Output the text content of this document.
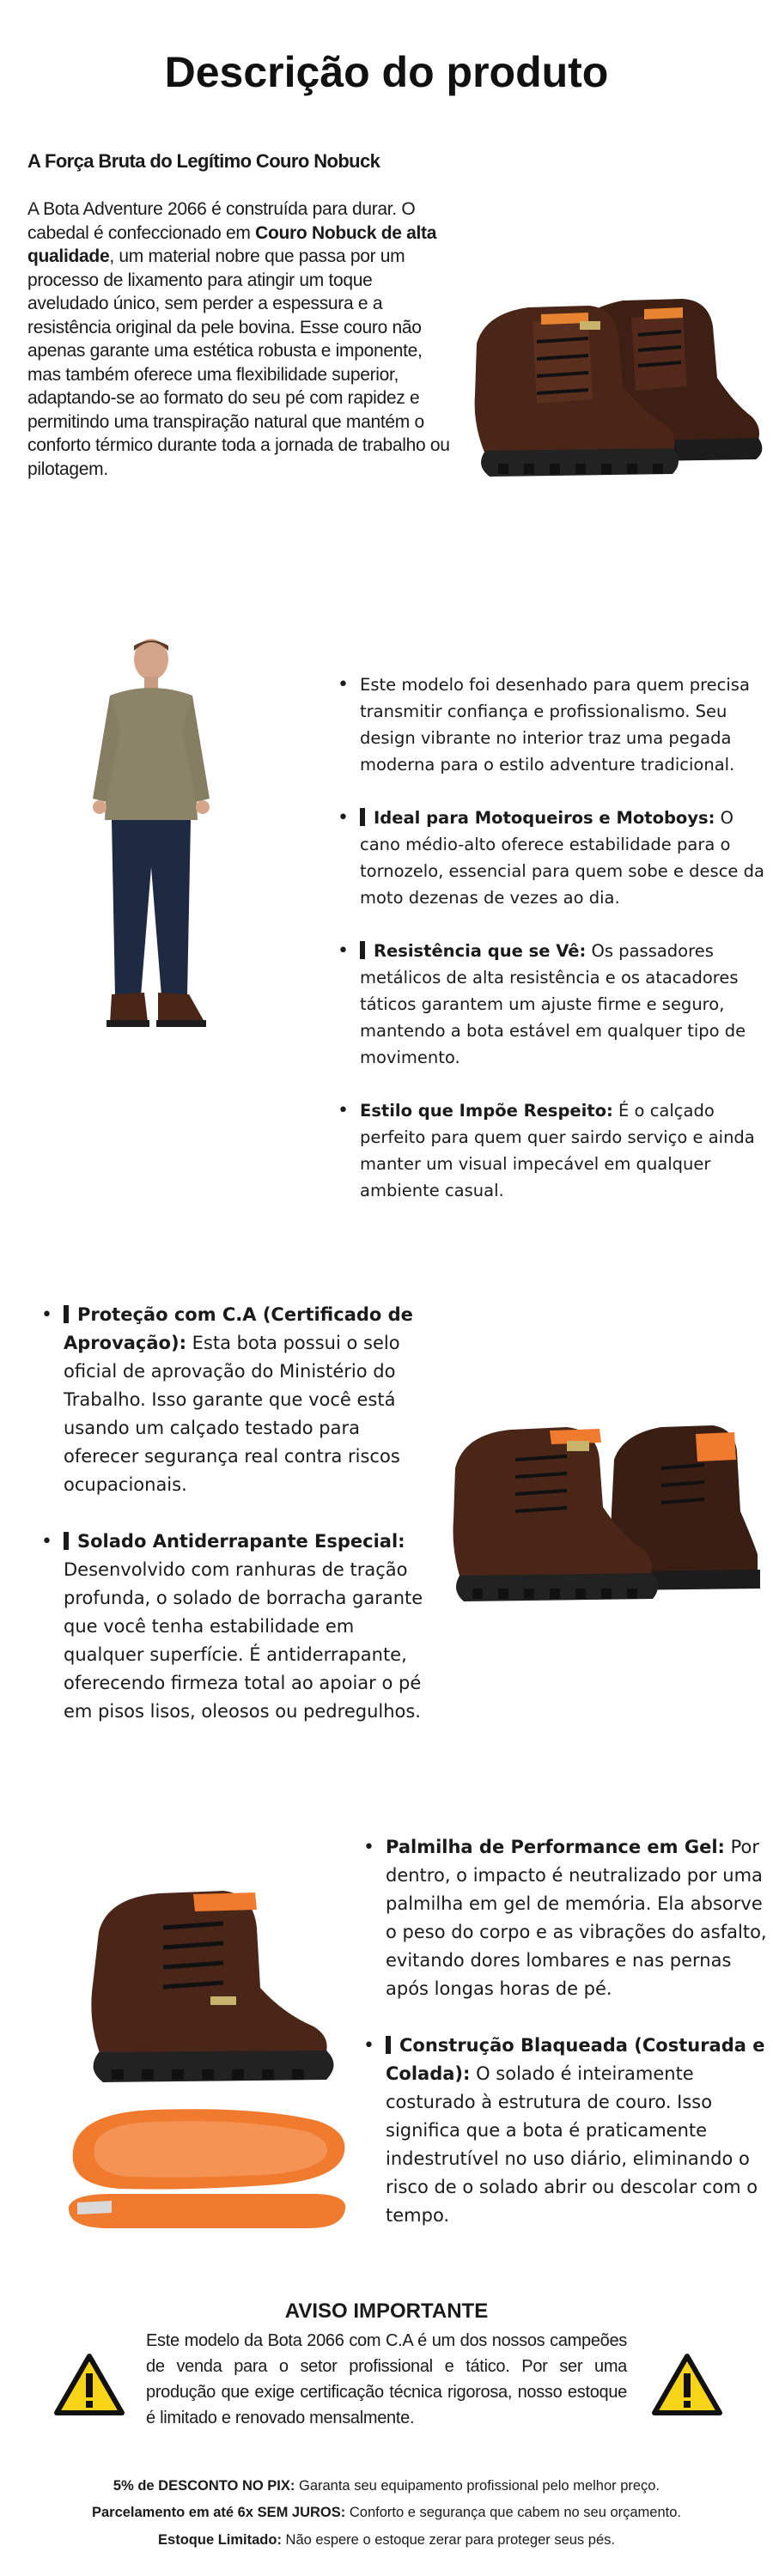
Descrição do produto
A Força Bruta do Legítimo Couro Nobuck
A Bota Adventure 2066 é construída para durar. O cabedal é confeccionado em Couro Nobuck de alta qualidade, um material nobre que passa por um processo de lixamento para atingir um toque aveludado único, sem perder a espessura e a resistência original da pele bovina. Esse couro não apenas garante uma estética robusta e imponente, mas também oferece uma flexibilidade superior, adaptando-se ao formato do seu pé com rapidez e permitindo uma transpiração natural que mantém o conforto térmico durante toda a jornada de trabalho ou pilotagem.
• Este modelo foi desenhado para quem precisa transmitir confiança e profissionalismo. Seu design vibrante no interior traz uma pegada moderna para o estilo adventure tradicional.
• Ideal para Motoqueiros e Motoboys: O cano médio-alto oferece estabilidade para o tornozelo, essencial para quem sobe e desce da moto dezenas de vezes ao dia.
• Resistência que se Vê: Os passadores metálicos de alta resistência e os atacadores táticos garantem um ajuste firme e seguro, mantendo a bota estável em qualquer tipo de movimento.
• Estilo que Impõe Respeito: É o calçado perfeito para quem quer sairdo serviço e ainda manter um visual impecável em qualquer ambiente casual.
• Proteção com C.A (Certificado de Aprovação): Esta bota possui o selo oficial de aprovação do Ministério do Trabalho. Isso garante que você está usando um calçado testado para oferecer segurança real contra riscos ocupacionais.
• Solado Antiderrapante Especial: Desenvolvido com ranhuras de tração profunda, o solado de borracha garante que você tenha estabilidade em qualquer superfície. É antiderrapante, oferecendo firmeza total ao apoiar o pé em pisos lisos, oleosos ou pedregulhos.
• Palmilha de Performance em Gel: Por dentro, o impacto é neutralizado por uma palmilha em gel de memória. Ela absorve o peso do corpo e as vibrações do asfalto, evitando dores lombares e nas pernas após longas horas de pé.
• Construção Blaqueada (Costurada e Colada): O solado é inteiramente costurado à estrutura de couro. Isso significa que a bota é praticamente indestrutível no uso diário, eliminando o risco de o solado abrir ou descolar com o tempo.
AVISO IMPORTANTE
Este modelo da Bota 2066 com C.A é um dos nossos campeões de venda para o setor profissional e tático. Por ser uma produção que exige certificação técnica rigorosa, nosso estoque é limitado e renovado mensalmente.
5% de DESCONTO NO PIX: Garanta seu equipamento profissional pelo melhor preço.
Parcelamento em até 6x SEM JUROS: Conforto e segurança que cabem no seu orçamento.
Estoque Limitado: Não espere o estoque zerar para proteger seus pés.
